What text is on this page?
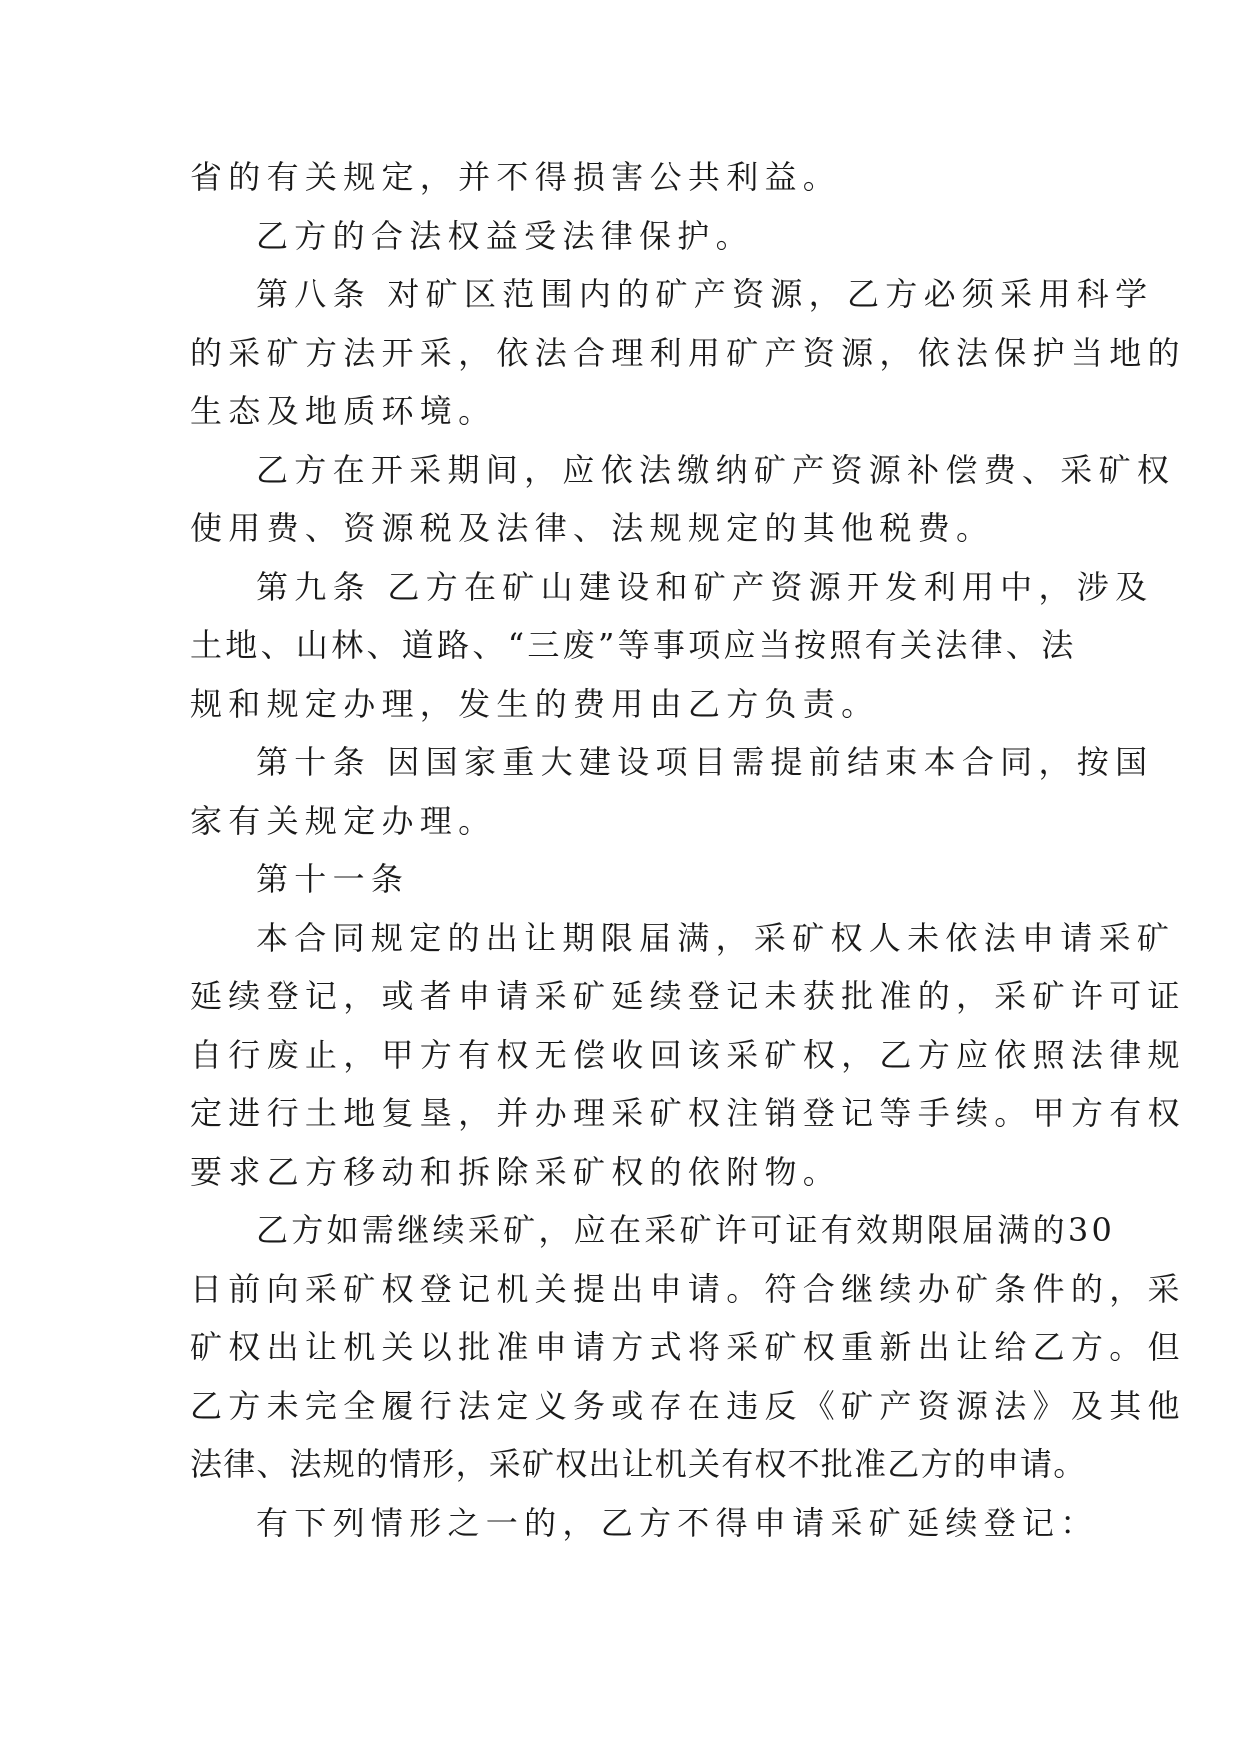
省的有关规定，并不得损害公共利益。
乙方的合法权益受法律保护。
第八条 对矿区范围内的矿产资源，乙方必须采用科学
的采矿方法开采，依法合理利用矿产资源，依法保护当地的
生态及地质环境。
乙方在开采期间，应依法缴纳矿产资源补偿费、采矿权
使用费、资源税及法律、法规规定的其他税费。
第九条 乙方在矿山建设和矿产资源开发利用中，涉及
土地、山林、道路、“三废”等事项应当按照有关法律、法
规和规定办理，发生的费用由乙方负责。
第十条 因国家重大建设项目需提前结束本合同，按国
家有关规定办理。
第十一条
本合同规定的出让期限届满，采矿权人未依法申请采矿
延续登记，或者申请采矿延续登记未获批准的，采矿许可证
自行废止，甲方有权无偿收回该采矿权，乙方应依照法律规
定进行土地复垦，并办理采矿权注销登记等手续。甲方有权
要求乙方移动和拆除采矿权的依附物。
乙方如需继续采矿，应在采矿许可证有效期限届满的30
日前向采矿权登记机关提出申请。符合继续办矿条件的，采
矿权出让机关以批准申请方式将采矿权重新出让给乙方。但
乙方未完全履行法定义务或存在违反《矿产资源法》及其他
法律、法规的情形，采矿权出让机关有权不批准乙方的申请。
有下列情形之一的，乙方不得申请采矿延续登记：
